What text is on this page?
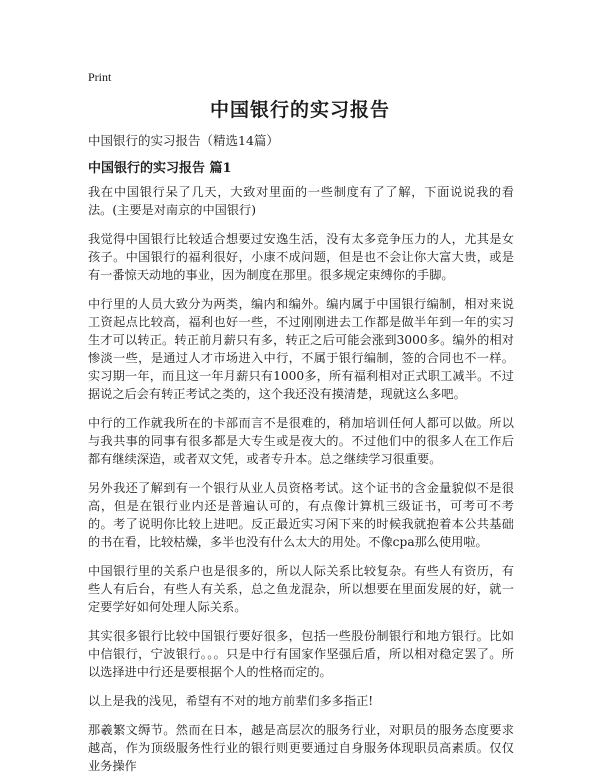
Print
中国银行的实习报告
中国银行的实习报告（精选14篇）
中国银行的实习报告 篇1

我在中国银行呆了几天，大致对里面的一些制度有了了解，下面说说我的看法。(主要是对南京的中国银行)

我觉得中国银行比较适合想要过安逸生活，没有太多竞争压力的人，尤其是女孩子。中国银行的福利很好，小康不成问题，但是也不会让你大富大贵，或是有一番惊天动地的事业，因为制度在那里。很多规定束缚你的手脚。

中行里的人员大致分为两类，编内和编外。编内属于中国银行编制，相对来说工资起点比较高，福利也好一些，不过刚刚进去工作都是做半年到一年的实习生才可以转正。转正前月薪只有多，转正之后可能会涨到3000多。编外的相对惨淡一些，是通过人才市场进入中行，不属于银行编制，签的合同也不一样。实习期一年，而且这一年月薪只有1000多，所有福利相对正式职工减半。不过据说之后会有转正考试之类的，这个我还没有摸清楚，现就这么多吧。

中行的工作就我所在的卡部而言不是很难的，稍加培训任何人都可以做。所以与我共事的同事有很多都是大专生或是夜大的。不过他们中的很多人在工作后都有继续深造，或者双文凭，或者专升本。总之继续学习很重要。

另外我还了解到有一个银行从业人员资格考试。这个证书的含金量貌似不是很高，但是在银行业内还是普遍认可的，有点像计算机三级证书，可考可不考的。考了说明你比较上进吧。反正最近实习闲下来的时候我就抱着本公共基础的书在看，比较枯燥，多半也没有什么太大的用处。不像cpa那么使用啦。

中国银行里的关系户也是很多的，所以人际关系比较复杂。有些人有资历，有些人有后台，有些人有关系，总之鱼龙混杂，所以想要在里面发展的好，就一定要学好如何处理人际关系。

其实很多银行比较中国银行要好很多，包括一些股份制银行和地方银行。比如中信银行，宁波银行。。。只是中行有国家作坚强后盾，所以相对稳定罢了。所以选择进中行还是要根据个人的性格而定的。

以上是我的浅见，希望有不对的地方前辈们多多指正!

那羲繁文缛节。然而在日本，越是高层次的服务行业，对职员的服务态度要求越高，作为顶级服务性行业的银行则更要通过自身服务体现职员高素质。仅仅业务操作
